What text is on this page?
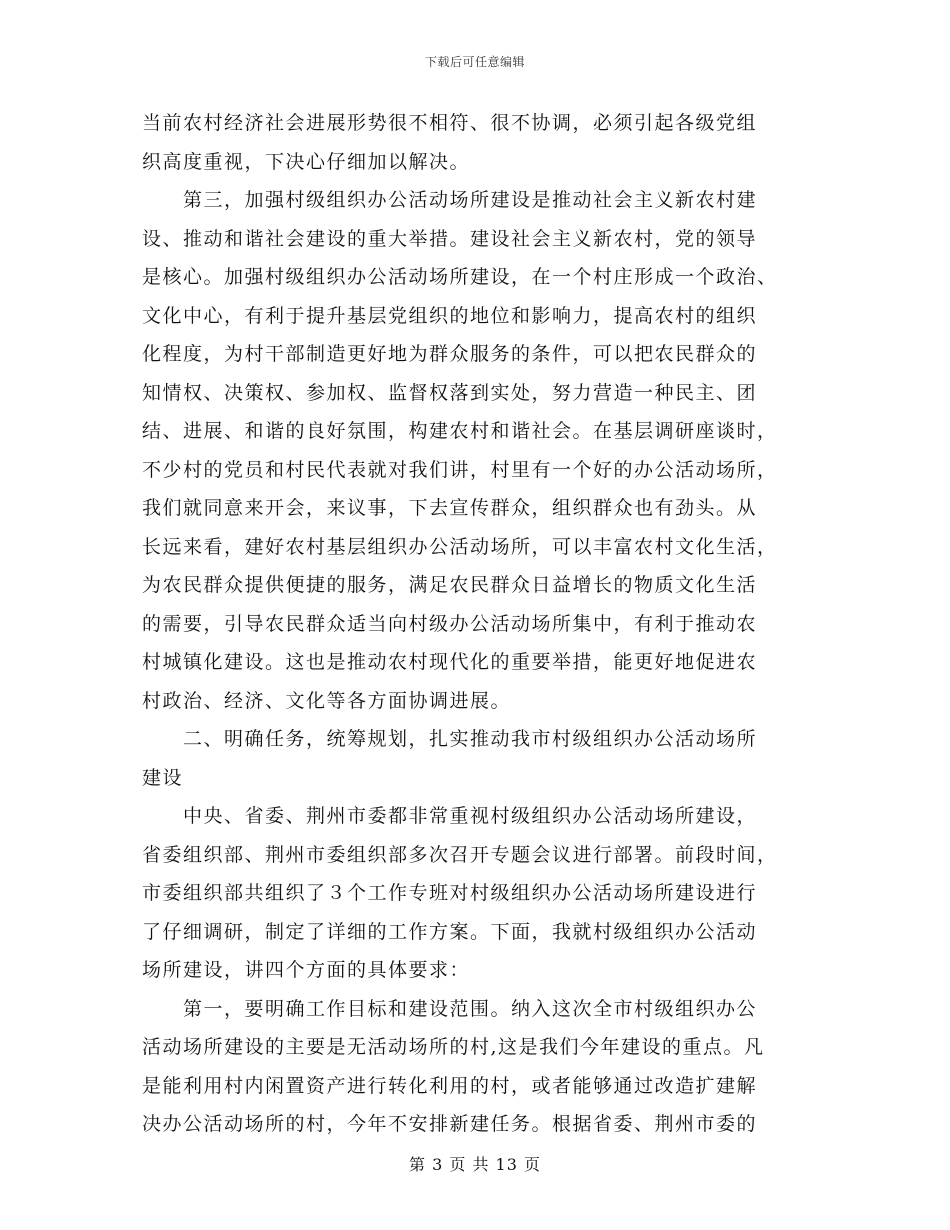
下载后可任意编辑
当前农村经济社会进展形势很不相符、很不协调，必须引起各级党组
织高度重视，下决心仔细加以解决。
　　第三，加强村级组织办公活动场所建设是推动社会主义新农村建
设、推动和谐社会建设的重大举措。建设社会主义新农村，党的领导
是核心。加强村级组织办公活动场所建设，在一个村庄形成一个政治、
文化中心，有利于提升基层党组织的地位和影响力，提高农村的组织
化程度，为村干部制造更好地为群众服务的条件，可以把农民群众的
知情权、决策权、参加权、监督权落到实处，努力营造一种民主、团
结、进展、和谐的良好氛围，构建农村和谐社会。在基层调研座谈时，
不少村的党员和村民代表就对我们讲，村里有一个好的办公活动场所，
我们就同意来开会，来议事，下去宣传群众，组织群众也有劲头。从
长远来看，建好农村基层组织办公活动场所，可以丰富农村文化生活，
为农民群众提供便捷的服务，满足农民群众日益增长的物质文化生活
的需要，引导农民群众适当向村级办公活动场所集中，有利于推动农
村城镇化建设。这也是推动农村现代化的重要举措，能更好地促进农
村政治、经济、文化等各方面协调进展。
　　二、明确任务，统筹规划，扎实推动我市村级组织办公活动场所
建设
　　中央、省委、荆州市委都非常重视村级组织办公活动场所建设，
省委组织部、荆州市委组织部多次召开专题会议进行部署。前段时间，
市委组织部共组织了３个工作专班对村级组织办公活动场所建设进行
了仔细调研，制定了详细的工作方案。下面，我就村级组织办公活动
场所建设，讲四个方面的具体要求：
　　第一，要明确工作目标和建设范围。纳入这次全市村级组织办公
活动场所建设的主要是无活动场所的村,这是我们今年建设的重点。凡
是能利用村内闲置资产进行转化利用的村，或者能够通过改造扩建解
决办公活动场所的村，今年不安排新建任务。根据省委、荆州市委的
第 3 页 共 13 页
